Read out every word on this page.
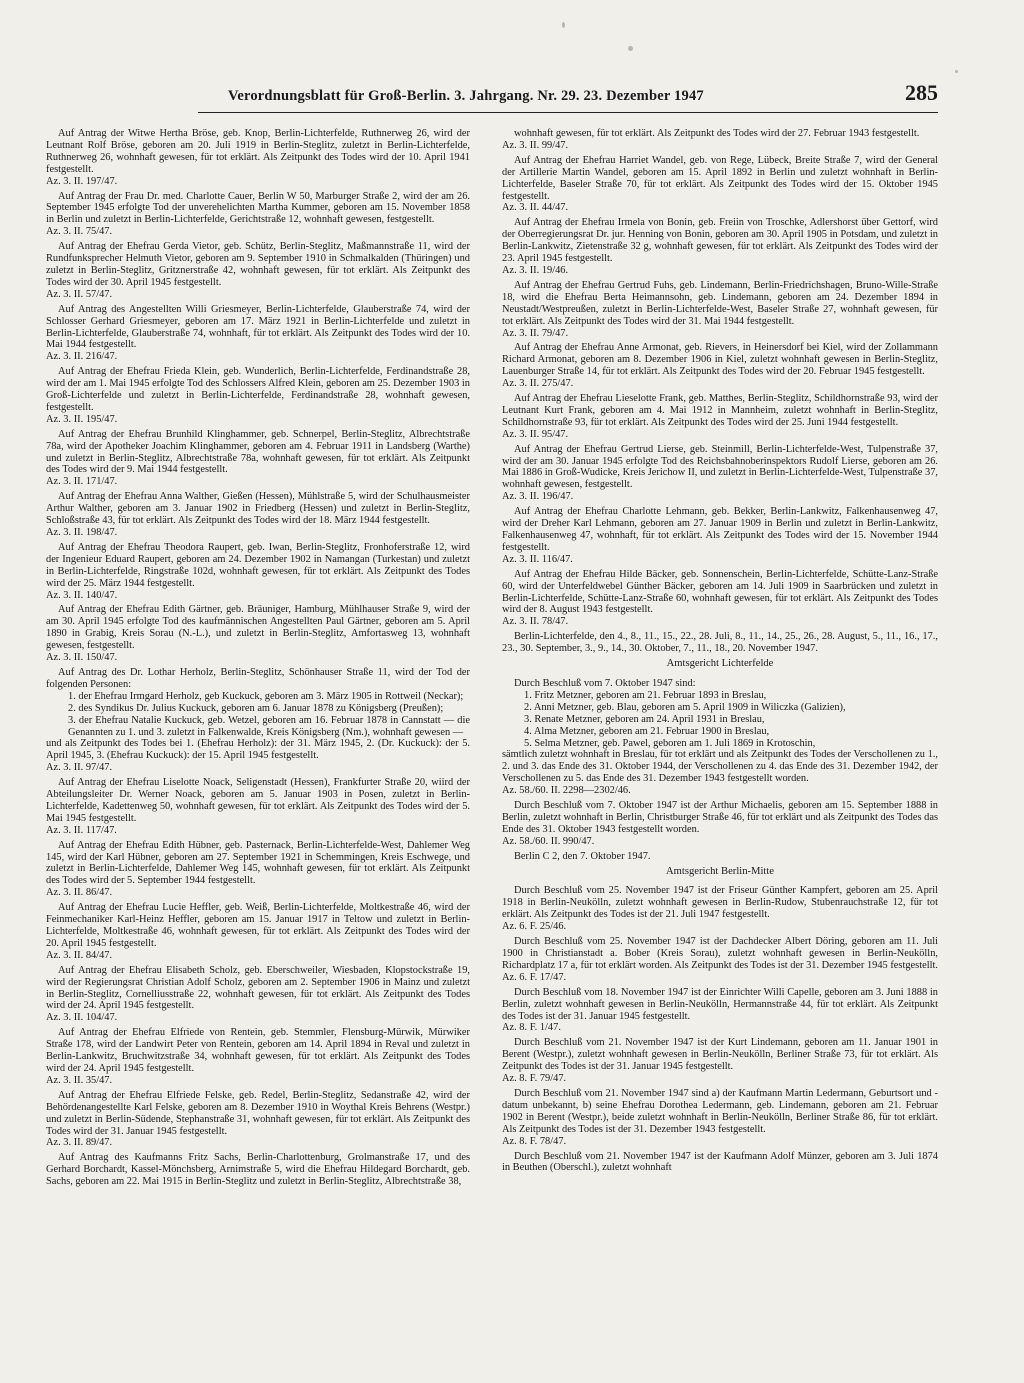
Verordnungsblatt für Groß-Berlin. 3. Jahrgang. Nr. 29. 23. Dezember 1947	285
Auf Antrag der Witwe Hertha Bröse, geb. Knop, Berlin-Lichterfelde, Ruthnerweg 26, wird der Leutnant Rolf Bröse, geboren am 20. Juli 1919 in Berlin-Steglitz, zuletzt in Berlin-Lichterfelde, Ruthnerweg 26, wohnhaft gewesen, für tot erklärt. Als Zeitpunkt des Todes wird der 10. April 1941 festgestellt.
Az. 3. II. 197/47.
Auf Antrag der Frau Dr. med. Charlotte Cauer, Berlin W 50, Marburger Straße 2, wird der am 26. September 1945 erfolgte Tod der unverehelichten Martha Kummer, geboren am 15. November 1858 in Berlin und zuletzt in Berlin-Lichterfelde, Gerichtstraße 12, wohnhaft gewesen, festgestellt.
Az. 3. II. 75/47.
Auf Antrag der Ehefrau Gerda Vietor, geb. Schütz, Berlin-Steglitz, Maßmannstraße 11, wird der Rundfunksprecher Helmuth Vietor, geboren am 9. September 1910 in Schmalkalden (Thüringen) und zuletzt in Berlin-Steglitz, Gritznerstraße 42, wohnhaft gewesen, für tot erklärt. Als Zeitpunkt des Todes wird der 30. April 1945 festgestellt.
Az. 3. II. 57/47.
Auf Antrag des Angestellten Willi Griesmeyer, Berlin-Lichterfelde, Glauberstraße 74, wird der Schlosser Gerhard Griesmeyer, geboren am 17. März 1921 in Berlin-Lichterfelde und zuletzt in Berlin-Lichterfelde, Glauberstraße 74, wohnhaft, für tot erklärt. Als Zeitpunkt des Todes wird der 10. Mai 1944 festgestellt.
Az. 3. II. 216/47.
Auf Antrag der Ehefrau Frieda Klein, geb. Wunderlich, Berlin-Lichterfelde, Ferdinandstraße 28, wird der am 1. Mai 1945 erfolgte Tod des Schlossers Alfred Klein, geboren am 25. Dezember 1903 in Groß-Lichterfelde und zuletzt in Berlin-Lichterfelde, Ferdinandstraße 28, wohnhaft gewesen, festgestellt.
Az. 3. II. 195/47.
Auf Antrag der Ehefrau Brunhild Klinghammer, geb. Schnerpel, Berlin-Steglitz, Albrechtstraße 78a, wird der Apotheker Joachim Klinghammer, geboren am 4. Februar 1911 in Landsberg (Warthe) und zuletzt in Berlin-Steglitz, Albrechtstraße 78a, wohnhaft gewesen, für tot erklärt. Als Zeitpunkt des Todes wird der 9. Mai 1944 festgestellt.
Az. 3. II. 171/47.
Auf Antrag der Ehefrau Anna Walther, Gießen (Hessen), Mühlstraße 5, wird der Schulhausmeister Arthur Walther, geboren am 3. Januar 1902 in Friedberg (Hessen) und zuletzt in Berlin-Steglitz, Schloßstraße 43, für tot erklärt. Als Zeitpunkt des Todes wird der 18. März 1944 festgestellt.
Az. 3. II. 198/47.
Auf Antrag der Ehefrau Theodora Raupert, geb. Iwan, Berlin-Steglitz, Fronhoferstraße 12, wird der Ingenieur Eduard Raupert, geboren am 24. Dezember 1902 in Namangan (Turkestan) und zuletzt in Berlin-Lichterfelde, Ringstraße 102d, wohnhaft gewesen, für tot erklärt. Als Zeitpunkt des Todes wird der 25. März 1944 festgestellt.
Az. 3. II. 140/47.
Auf Antrag der Ehefrau Edith Gärtner, geb. Bräuniger, Hamburg, Mühlhauser Straße 9, wird der am 30. April 1945 erfolgte Tod des kaufmännischen Angestellten Paul Gärtner, geboren am 5. April 1890 in Grabig, Kreis Sorau (N.-L.), und zuletzt in Berlin-Steglitz, Amfortasweg 13, wohnhaft gewesen, festgestellt.
Az. 3. II. 150/47.
Auf Antrag des Dr. Lothar Herholz, Berlin-Steglitz, Schönhauser Straße 11, wird der Tod der folgenden Personen:
1. der Ehefrau Irmgard Herholz, geb Kuckuck, geboren am 3. März 1905 in Rottweil (Neckar);
2. des Syndikus Dr. Julius Kuckuck, geboren am 6. Januar 1878 zu Königsberg (Preußen);
3. der Ehefrau Natalie Kuckuck, geb. Wetzel, geboren am 16. Februar 1878 in Cannstatt — die Genannten zu 1. und 3. zuletzt in Falkenwalde, Kreis Königsberg (Nm.), wohnhaft gewesen —
und als Zeitpunkt des Todes bei 1. (Ehefrau Herholz): der 31. März 1945, 2. (Dr. Kuckuck): der 5. April 1945, 3. (Ehefrau Kuckuck): der 15. April 1945 festgestellt.
Az. 3. II. 97/47.
Auf Antrag der Ehefrau Liselotte Noack, Seligenstadt (Hessen), Frankfurter Straße 20, wiird der Abteilungsleiter Dr. Werner Noack, geboren am 5. Januar 1903 in Posen, zuletzt in Berlin-Lichterfelde, Kadettenweg 50, wohnhaft gewesen, für tot erklärt. Als Zeitpunkt des Todes wird der 5. Mai 1945 festgestellt.
Az. 3. II. 117/47.
Auf Antrag der Ehefrau Edith Hübner, geb. Pasternack, Berlin-Lichterfelde-West, Dahlemer Weg 145, wird der Karl Hübner, geboren am 27. September 1921 in Schemmingen, Kreis Eschwege, und zuletzt in Berlin-Lichterfelde, Dahlemer Weg 145, wohnhaft gewesen, für tot erklärt. Als Zeitpunkt des Todes wird der 5. September 1944 festgestellt.
Az. 3. II. 86/47.
Auf Antrag der Ehefrau Lucie Heffler, geb. Weiß, Berlin-Lichterfelde, Moltkestraße 46, wird der Feinmechaniker Karl-Heinz Heffler, geboren am 15. Januar 1917 in Teltow und zuletzt in Berlin-Lichterfelde, Moltkestraße 46, wohnhaft gewesen, für tot erklärt. Als Zeitpunkt des Todes wird der 20. April 1945 festgestellt.
Az. 3. II. 84/47.
Auf Antrag der Ehefrau Elisabeth Scholz, geb. Eberschweiler, Wiesbaden, Klopstockstraße 19, wird der Regierungsrat Christian Adolf Scholz, geboren am 2. September 1906 in Mainz und zuletzt in Berlin-Steglitz, Cornelliusstraße 22, wohnhaft gewesen, für tot erklärt. Als Zeitpunkt des Todes wird der 24. April 1945 festgestellt.
Az. 3. II. 104/47.
Auf Antrag der Ehefrau Elfriede von Rentein, geb. Stemmler, Flensburg-Mürwik, Mürwiker Straße 178, wird der Landwirt Peter von Rentein, geboren am 14. April 1894 in Reval und zuletzt in Berlin-Lankwitz, Bruchwitzstraße 34, wohnhaft gewesen, für tot erklärt. Als Zeitpunkt des Todes wird der 24. April 1945 festgestellt.
Az. 3. II. 35/47.
Auf Antrag der Ehefrau Elfriede Felske, geb. Redel, Berlin-Steglitz, Sedanstraße 42, wird der Behördenangestellte Karl Felske, geboren am 8. Dezember 1910 in Woythal Kreis Behrens (Westpr.) und zuletzt in Berlin-Südende, Stephanstraße 31, wohnhaft gewesen, für tot erklärt. Als Zeitpunkt des Todes wird der 31. Januar 1945 festgestellt.
Az. 3. II. 89/47.
Auf Antrag des Kaufmanns Fritz Sachs, Berlin-Charlottenburg, Grolmanstraße 17, und des Gerhard Borchardt, Kassel-Mönchsberg, Arnimstraße 5, wird die Ehefrau Hildegard Borchardt, geb. Sachs, geboren am 22. Mai 1915 in Berlin-Steglitz und zuletzt in Berlin-Steglitz, Albrechtstraße 38,
wohnhaft gewesen, für tot erklärt. Als Zeitpunkt des Todes wird der 27. Februar 1943 festgestellt.
Az. 3. II. 99/47.
Auf Antrag der Ehefrau Harriet Wandel, geb. von Rege, Lübeck, Breite Straße 7, wird der General der Artillerie Martin Wandel, geboren am 15. April 1892 in Berlin und zuletzt wohnhaft in Berlin-Lichterfelde, Baseler Straße 70, für tot erklärt. Als Zeitpunkt des Todes wird der 15. Oktober 1945 festgestellt.
Az. 3. II. 44/47.
Auf Antrag der Ehefrau Irmela von Bonin, geb. Freiin von Troschke, Adlershorst über Gettorf, wird der Oberregierungsrat Dr. jur. Henning von Bonin, geboren am 30. April 1905 in Potsdam, und zuletzt in Berlin-Lankwitz, Zietenstraße 32 g, wohnhaft gewesen, für tot erklärt. Als Zeitpunkt des Todes wird der 23. April 1945 festgestellt.
Az. 3. II. 19/46.
Auf Antrag der Ehefrau Gertrud Fuhs, geb. Lindemann, Berlin-Friedrichshagen, Bruno-Wille-Straße 18, wird die Ehefrau Berta Heimannsohn, geb. Lindemann, geboren am 24. Dezember 1894 in Neustadt/Westpreußen, zuletzt in Berlin-Lichterfelde-West, Baseler Straße 27, wohnhaft gewesen, für tot erklärt. Als Zeitpunkt des Todes wird der 31. Mai 1944 festgestellt.
Az. 3. II. 79/47.
Auf Antrag der Ehefrau Anne Armonat, geb. Rievers, in Heinersdorf bei Kiel, wird der Zollammann Richard Armonat, geboren am 8. Dezember 1906 in Kiel, zuletzt wohnhaft gewesen in Berlin-Steglitz, Lauenburger Straße 14, für tot erklärt. Als Zeitpunkt des Todes wird der 20. Februar 1945 festgestellt.
Az. 3. II. 275/47.
Auf Antrag der Ehefrau Lieselotte Frank, geb. Matthes, Berlin-Steglitz, Schildhornstraße 93, wird der Leutnant Kurt Frank, geboren am 4. Mai 1912 in Mannheim, zuletzt wohnhaft in Berlin-Steglitz, Schildhornstraße 93, für tot erklärt. Als Zeitpunkt des Todes wird der 25. Juni 1944 festgestellt.
Az. 3. II. 95/47.
Auf Antrag der Ehefrau Gertrud Lierse, geb. Steinmill, Berlin-Lichterfelde-West, Tulpenstraße 37, wird der am 30. Januar 1945 erfolgte Tod des Reichsbahnoberinspektors Rudolf Lierse, geboren am 26. Mai 1886 in Groß-Wudicke, Kreis Jerichow II, und zuletzt in Berlin-Lichterfelde-West, Tulpenstraße 37, wohnhaft gewesen, festgestellt.
Az. 3. II. 196/47.
Auf Antrag der Ehefrau Charlotte Lehmann, geb. Bekker, Berlin-Lankwitz, Falkenhausenweg 47, wird der Dreher Karl Lehmann, geboren am 27. Januar 1909 in Berlin und zuletzt in Berlin-Lankwitz, Falkenhausenweg 47, wohnhaft, für tot erklärt. Als Zeitpunkt des Todes wird der 15. November 1944 festgestellt.
Az. 3. II. 116/47.
Auf Antrag der Ehefrau Hilde Bäcker, geb. Sonnenschein, Berlin-Lichterfelde, Schütte-Lanz-Straße 60, wird der Unterfeldwebel Günther Bäcker, geboren am 14. Juli 1909 in Saarbrücken und zuletzt in Berlin-Lichterfelde, Schütte-Lanz-Straße 60, wohnhaft gewesen, für tot erklärt. Als Zeitpunkt des Todes wird der 8. August 1943 festgestellt.
Az. 3. II. 78/47.
Berlin-Lichterfelde, den 4., 8., 11., 15., 22., 28. Juli, 8., 11., 14., 25., 26., 28. August, 5., 11., 16., 17., 23., 30. September, 3., 9., 14., 30. Oktober, 7., 11., 18., 20. November 1947.
Amtsgericht Lichterfelde
Durch Beschluß vom 7. Oktober 1947 sind:
1. Fritz Metzner, geboren am 21. Februar 1893 in Breslau,
2. Anni Metzner, geb. Blau, geboren am 5. April 1909 in Wiliczka (Galizien),
3. Renate Metzner, geboren am 24. April 1931 in Breslau,
4. Alma Metzner, geboren am 21. Februar 1900 in Breslau,
5. Selma Metzner, geb. Pawel, geboren am 1. Juli 1869 in Krotoschin,
sämtlich zuletzt wohnhaft in Breslau, für tot erklärt und als Zeitpunkt des Todes der Verschollenen zu 1., 2. und 3. das Ende des 31. Oktober 1944, der Verschollenen zu 4. das Ende des 31. Dezember 1942, der Verschollenen zu 5. das Ende des 31. Dezember 1943 festgestellt worden.
Az. 58./60. II. 2298—2302/46.
Durch Beschluß vom 7. Oktober 1947 ist der Arthur Michaelis, geboren am 15. September 1888 in Berlin, zuletzt wohnhaft in Berlin, Christburger Straße 46, für tot erklärt und als Zeitpunkt des Todes das Ende des 31. Oktober 1943 festgestellt worden.
Az. 58./60. II. 990/47.
Berlin C 2, den 7. Oktober 1947.
Amtsgericht Berlin-Mitte
Durch Beschluß vom 25. November 1947 ist der Friseur Günther Kampfert, geboren am 25. April 1918 in Berlin-Neukölln, zuletzt wohnhaft gewesen in Berlin-Rudow, Stubenrauchstraße 12, für tot erklärt. Als Zeitpunkt des Todes ist der 21. Juli 1947 festgestellt.
Az. 6. F. 25/46.
Durch Beschluß vom 25. November 1947 ist der Dachdecker Albert Döring, geboren am 11. Juli 1900 in Christianstadt a. Bober (Kreis Sorau), zuletzt wohnhaft gewesen in Berlin-Neukölln, Richardplatz 17 a, für tot erklärt worden. Als Zeitpunkt des Todes ist der 31. Dezember 1945 festgestellt.
Az. 6. F. 17/47.
Durch Beschluß vom 18. November 1947 ist der Einrichter Willi Capelle, geboren am 3. Juni 1888 in Berlin, zuletzt wohnhaft gewesen in Berlin-Neukölln, Hermannstraße 44, für tot erklärt. Als Zeitpunkt des Todes ist der 31. Januar 1945 festgestellt.
Az. 8. F. 1/47.
Durch Beschluß vom 21. November 1947 ist der Kurt Lindemann, geboren am 11. Januar 1901 in Berent (Westpr.), zuletzt wohnhaft gewesen in Berlin-Neukölln, Berliner Straße 73, für tot erklärt. Als Zeitpunkt des Todes ist der 31. Januar 1945 festgestellt.
Az. 8. F. 79/47.
Durch Beschluß vom 21. November 1947 sind a) der Kaufmann Martin Ledermann, Geburtsort und -datum unbekannt, b) seine Ehefrau Dorothea Ledermann, geb. Lindemann, geboren am 21. Februar 1902 in Berent (Westpr.), beide zuletzt wohnhaft in Berlin-Neukölln, Berliner Straße 86, für tot erklärt. Als Zeitpunkt des Todes ist der 31. Dezember 1943 festgestellt.
Az. 8. F. 78/47.
Durch Beschluß vom 21. November 1947 ist der Kaufmann Adolf Münzer, geboren am 3. Juli 1874 in Beuthen (Oberschl.), zuletzt wohnhaft
